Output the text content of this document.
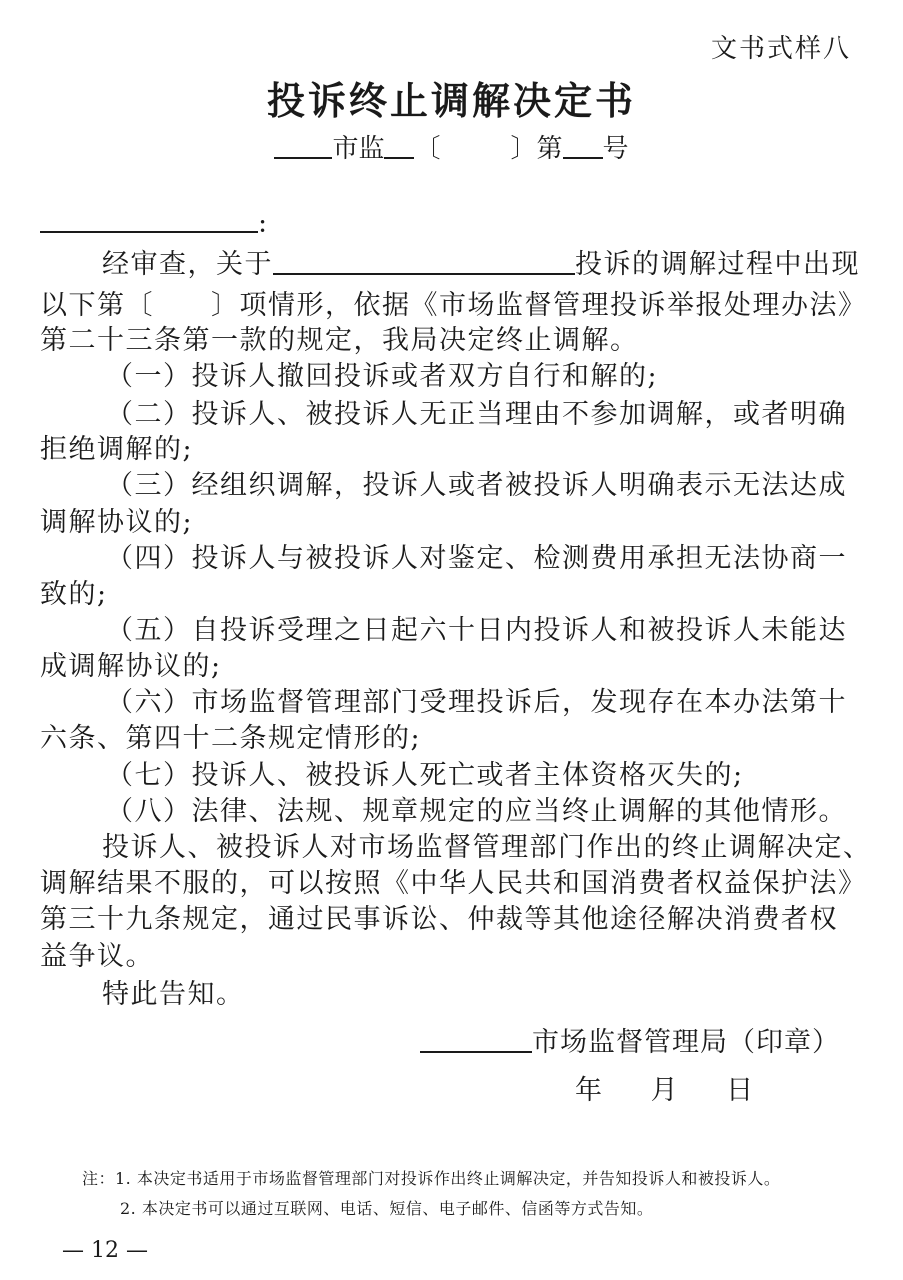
文书式样八
投诉终止调解决定书
市监 〔	〕第 号
:
经审查，关于	投诉的调解过程中出现
以下第〔　　〕项情形，依据《市场监督管理投诉举报处理办法》
第二十三条第一款的规定，我局决定终止调解。
（一）投诉人撤回投诉或者双方自行和解的;
（二）投诉人、被投诉人无正当理由不参加调解，或者明确
拒绝调解的;
（三）经组织调解，投诉人或者被投诉人明确表示无法达成
调解协议的;
（四）投诉人与被投诉人对鉴定、检测费用承担无法协商一
致的;
（五）自投诉受理之日起六十日内投诉人和被投诉人未能达
成调解协议的;
（六）市场监督管理部门受理投诉后，发现存在本办法第十
六条、第四十二条规定情形的;
（七）投诉人、被投诉人死亡或者主体资格灭失的;
（八）法律、法规、规章规定的应当终止调解的其他情形。
投诉人、被投诉人对市场监督管理部门作出的终止调解决定、
调解结果不服的，可以按照《中华人民共和国消费者权益保护法》
第三十九条规定，通过民事诉讼、仲裁等其他途径解决消费者权
益争议。
特此告知。
市场监督管理局（印章）
年 月 日
注：1. 本决定书适用于市场监督管理部门对投诉作出终止调解决定，并告知投诉人和被投诉人。
2. 本决定书可以通过互联网、电话、短信、电子邮件、信函等方式告知。
— 12 —
